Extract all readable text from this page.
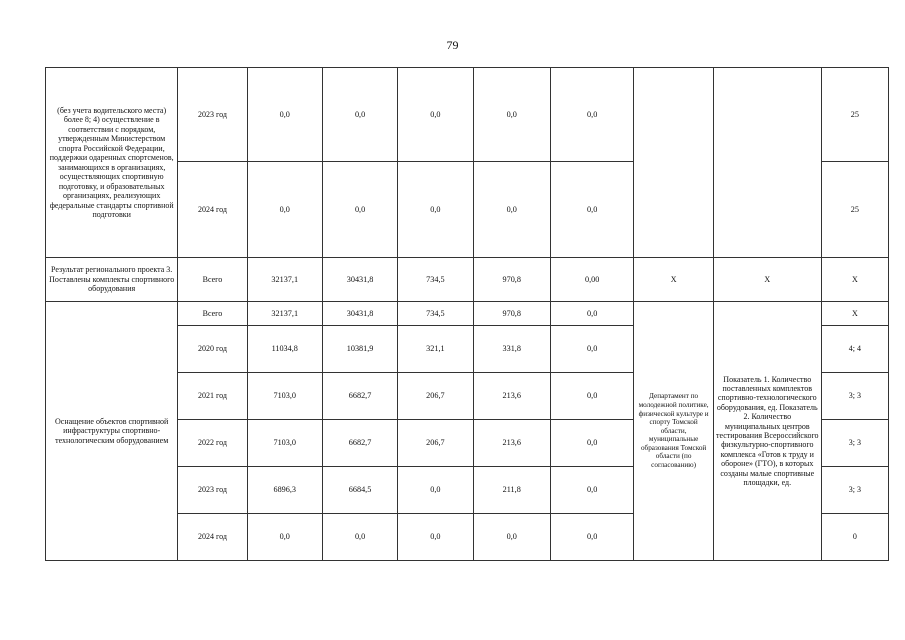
79
(без учета водительского места) более 8; 4) осуществление в соответствии с порядком, утвержденным Министерством спорта Российской Федерации, поддержки одаренных спортсменов, занимающихся в организациях, осуществляющих спортивную подготовку, и образовательных организациях, реализующих федеральные стандарты спортивной подготовки	2023 год	0,0	0,0	0,0	0,0	0,0			25
	2024 год	0,0	0,0	0,0	0,0	0,0			25
Результат регионального проекта 3. Поставлены комплекты спортивного оборудования	Всего	32137,1	30431,8	734,5	970,8	0,00	Х	Х	Х
Оснащение объектов спортивной инфраструктуры спортивно-технологическим оборудованием	Всего	32137,1	30431,8	734,5	970,8	0,0	Департамент по молодежной политике, физической культуре и спорту Томской области, муниципальные образования Томской области (по согласованию)	Показатель 1. Количество поставленных комплектов спортивно-технологического оборудования, ед. Показатель 2. Количество муниципальных центров тестирования Всероссийского физкультурно-спортивного комплекса «Готов к труду и обороне» (ГТО), в которых созданы малые спортивные площадки, ед.	Х
	2020 год	11034,8	10381,9	321,1	331,8	0,0			4; 4
	2021 год	7103,0	6682,7	206,7	213,6	0,0			3; 3
	2022 год	7103,0	6682,7	206,7	213,6	0,0			3; 3
	2023 год	6896,3	6684,5	0,0	211,8	0,0			3; 3
	2024 год	0,0	0,0	0,0	0,0	0,0			0
